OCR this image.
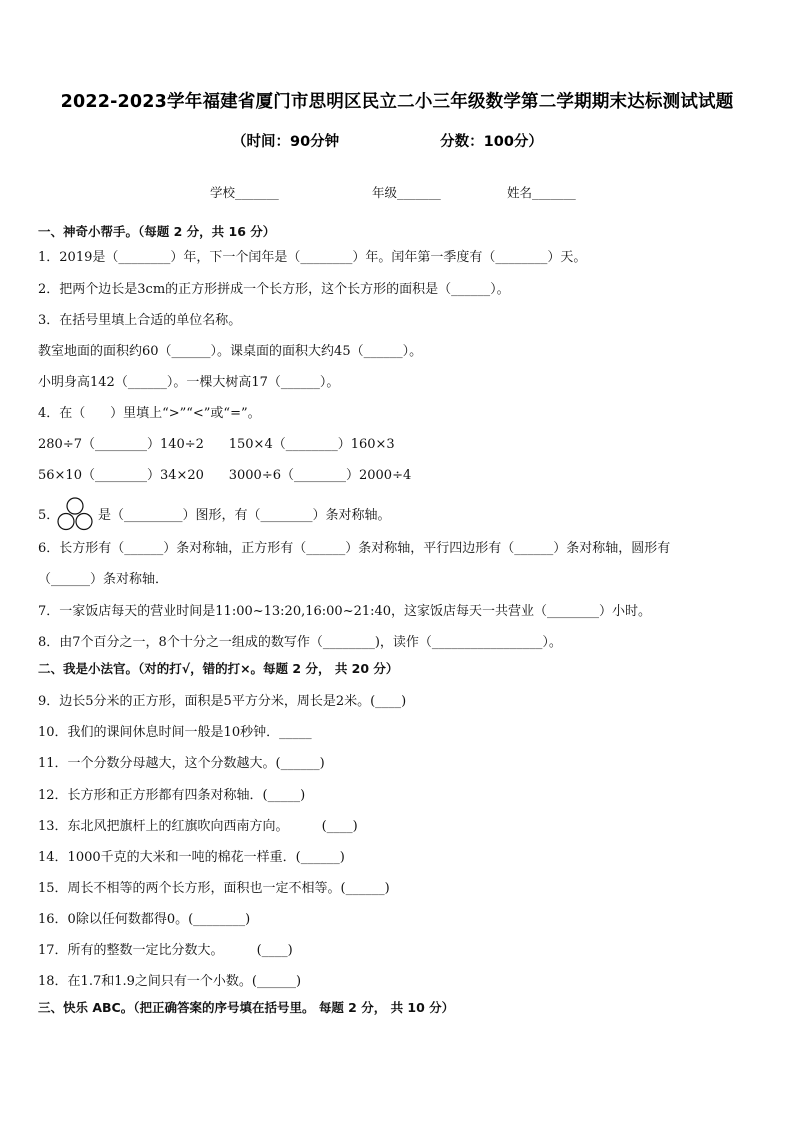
2022-2023学年福建省厦门市思明区民立二小三年级数学第二学期期末达标测试试题
（时间：90分钟                    分数：100分）
学校_______	年级_______	姓名_______
一、神奇小帮手。（每题 2 分，共 16 分）
1．2019是（________）年，下一个闰年是（________）年。闰年第一季度有（________）天。
2．把两个边长是3cm的正方形拼成一个长方形，这个长方形的面积是（______）。
3．在括号里填上合适的单位名称。
教室地面的面积约60（______）。课桌面的面积大约45（______）。
小明身高142（______）。一棵大树高17（______）。
4．在（      ）里填上“>”“<”或“=”。
280÷7（________）140÷2      150×4（________）160×3
56×10（________）34×20      3000÷6（________）2000÷4
5．	是（_________）图形，有（________）条对称轴。
6．长方形有（______）条对称轴，正方形有（______）条对称轴，平行四边形有（______）条对称轴，圆形有
（______）条对称轴．
7．一家饭店每天的营业时间是11:00~13:20,16:00~21:40，这家饭店每天一共营业（________）小时。
8．由7个百分之一，8个十分之一组成的数写作（________)，读作（_________________）。
二、我是小法官。（对的打√，错的打×。每题 2 分， 共 20 分）
9．边长5分米的正方形，面积是5平方分米，周长是2米。(____)
10．我们的课间休息时间一般是10秒钟．_____
11．一个分数分母越大，这个分数越大。(______)
12．长方形和正方形都有四条对称轴．(_____)
13．东北风把旗杆上的红旗吹向西南方向。        (____)
14．1000千克的大米和一吨的棉花一样重．(______)
15．周长不相等的两个长方形，面积也一定不相等。(______)
16．0除以任何数都得0。(________)
17．所有的整数一定比分数大。        (____)
18．在1.7和1.9之间只有一个小数。(______)
三、快乐 ABC。（把正确答案的序号填在括号里。 每题 2 分， 共 10 分）
